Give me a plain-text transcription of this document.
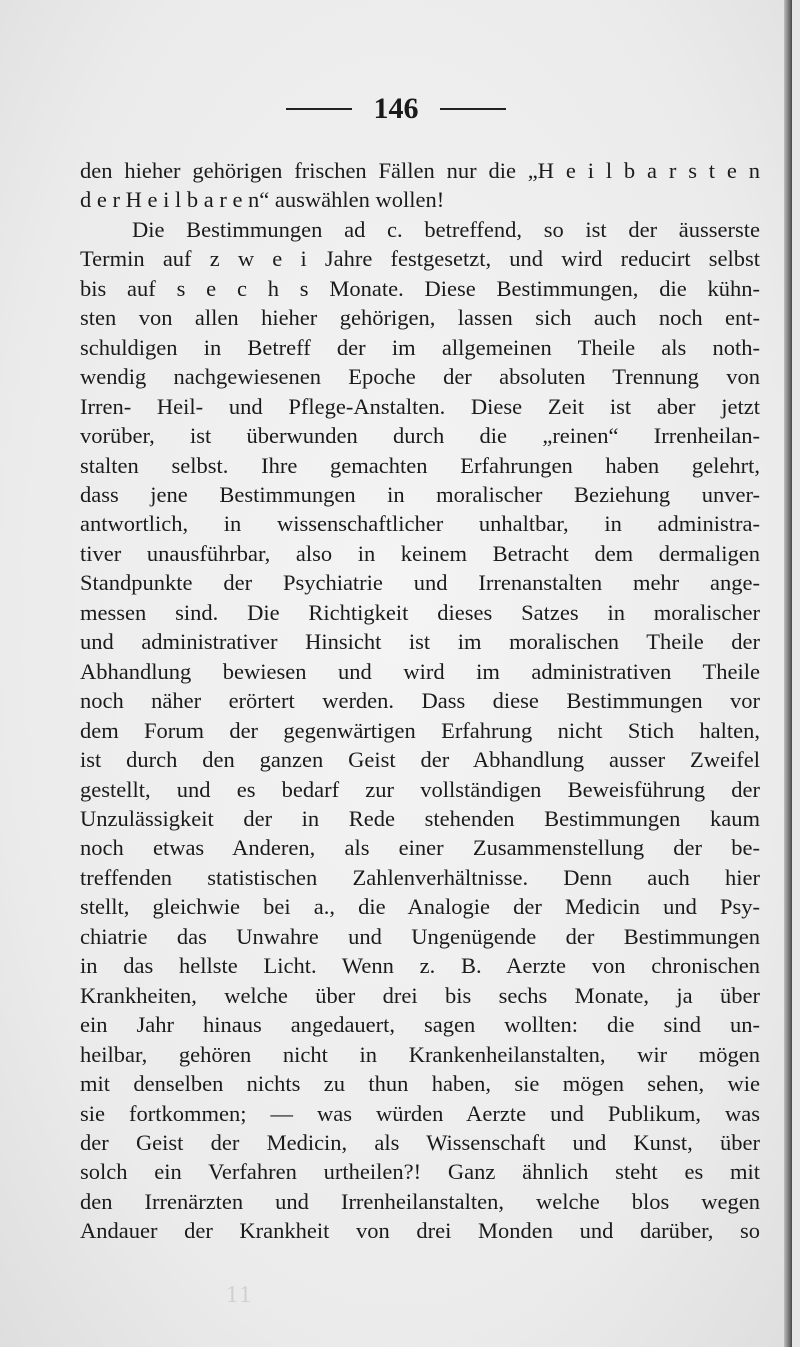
146
den hieher gehörigen frischen Fällen nur die „H e i l b a r s t e n
d e r H e i l b a r e n“ auswählen wollen!
Die Bestimmungen ad c. betreffend, so ist der äusserste
Termin auf z w e i Jahre festgesetzt, und wird reducirt selbst
bis auf s e c h s Monate. Diese Bestimmungen, die kühn-
sten von allen hieher gehörigen, lassen sich auch noch ent-
schuldigen in Betreff der im allgemeinen Theile als noth-
wendig nachgewiesenen Epoche der absoluten Trennung von
Irren- Heil- und Pflege-Anstalten. Diese Zeit ist aber jetzt
vorüber, ist überwunden durch die „reinen“ Irrenheilan-
stalten selbst. Ihre gemachten Erfahrungen haben gelehrt,
dass jene Bestimmungen in moralischer Beziehung unver-
antwortlich, in wissenschaftlicher unhaltbar, in administra-
tiver unausführbar, also in keinem Betracht dem dermaligen
Standpunkte der Psychiatrie und Irrenanstalten mehr ange-
messen sind. Die Richtigkeit dieses Satzes in moralischer
und administrativer Hinsicht ist im moralischen Theile der
Abhandlung bewiesen und wird im administrativen Theile
noch näher erörtert werden. Dass diese Bestimmungen vor
dem Forum der gegenwärtigen Erfahrung nicht Stich halten,
ist durch den ganzen Geist der Abhandlung ausser Zweifel
gestellt, und es bedarf zur vollständigen Beweisführung der
Unzulässigkeit der in Rede stehenden Bestimmungen kaum
noch etwas Anderen, als einer Zusammenstellung der be-
treffenden statistischen Zahlenverhältnisse. Denn auch hier
stellt, gleichwie bei a., die Analogie der Medicin und Psy-
chiatrie das Unwahre und Ungenügende der Bestimmungen
in das hellste Licht. Wenn z. B. Aerzte von chronischen
Krankheiten, welche über drei bis sechs Monate, ja über
ein Jahr hinaus angedauert, sagen wollten: die sind un-
heilbar, gehören nicht in Krankenheilanstalten, wir mögen
mit denselben nichts zu thun haben, sie mögen sehen, wie
sie fortkommen; — was würden Aerzte und Publikum, was
der Geist der Medicin, als Wissenschaft und Kunst, über
solch ein Verfahren urtheilen?! Ganz ähnlich steht es mit
den Irrenärzten und Irrenheilanstalten, welche blos wegen
Andauer der Krankheit von drei Monden und darüber, so
11
